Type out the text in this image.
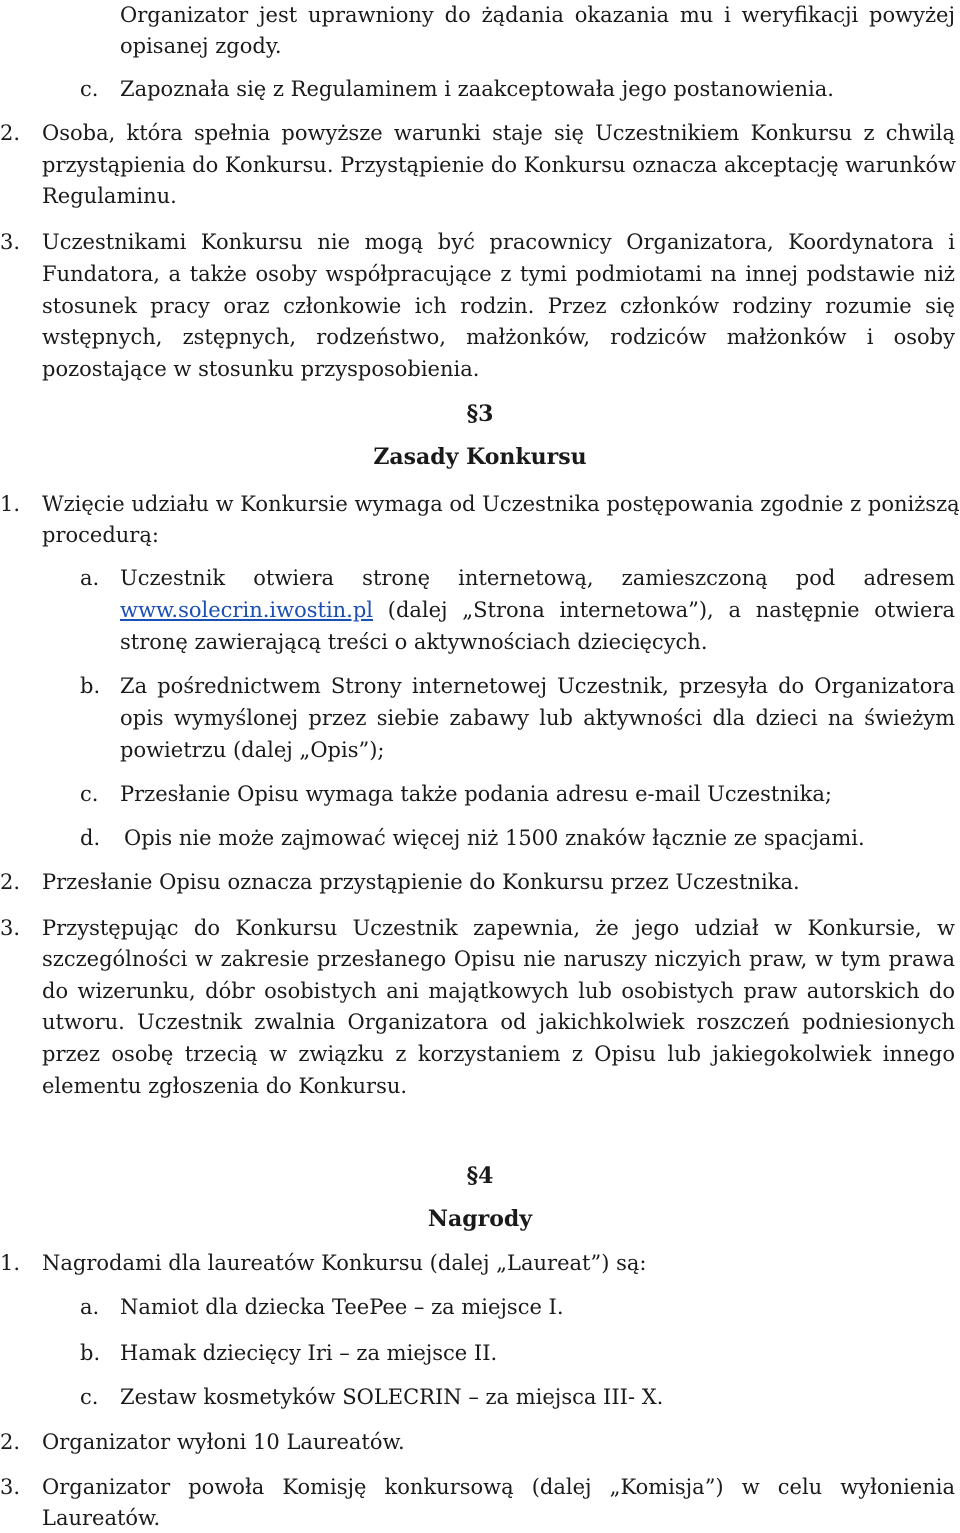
Organizator jest uprawniony do żądania okazania mu i weryfikacji powyżej
opisanej zgody.
c. Zapoznała się z Regulaminem i zaakceptowała jego postanowienia.
2. Osoba, która spełnia powyższe warunki staje się Uczestnikiem Konkursu z chwilą
przystąpienia do Konkursu. Przystąpienie do Konkursu oznacza akceptację warunków
Regulaminu.
3. Uczestnikami Konkursu nie mogą być pracownicy Organizatora, Koordynatora i
Fundatora, a także osoby współpracujące z tymi podmiotami na innej podstawie niż
stosunek pracy oraz członkowie ich rodzin. Przez członków rodziny rozumie się
wstępnych, zstępnych, rodzeństwo, małżonków, rodziców małżonków i osoby
pozostające w stosunku przysposobienia.
§3
Zasady Konkursu
1. Wzięcie udziału w Konkursie wymaga od Uczestnika postępowania zgodnie z poniższą
procedurą:
a. Uczestnik otwiera stronę internetową, zamieszczoną pod adresem
www.solecrin.iwostin.pl (dalej „Strona internetowa”), a następnie otwiera
stronę zawierającą treści o aktywnościach dziecięcych.
b. Za pośrednictwem Strony internetowej Uczestnik, przesyła do Organizatora
opis wymyślonej przez siebie zabawy lub aktywności dla dzieci na świeżym
powietrzu (dalej „Opis”);
c. Przesłanie Opisu wymaga także podania adresu e-mail Uczestnika;
d. Opis nie może zajmować więcej niż 1500 znaków łącznie ze spacjami.
2. Przesłanie Opisu oznacza przystąpienie do Konkursu przez Uczestnika.
3. Przystępując do Konkursu Uczestnik zapewnia, że jego udział w Konkursie, w
szczególności w zakresie przesłanego Opisu nie naruszy niczyich praw, w tym prawa
do wizerunku, dóbr osobistych ani majątkowych lub osobistych praw autorskich do
utworu. Uczestnik zwalnia Organizatora od jakichkolwiek roszczeń podniesionych
przez osobę trzecią w związku z korzystaniem z Opisu lub jakiegokolwiek innego
elementu zgłoszenia do Konkursu.
§4
Nagrody
1. Nagrodami dla laureatów Konkursu (dalej „Laureat”) są:
a. Namiot dla dziecka TeePee – za miejsce I.
b. Hamak dziecięcy Iri – za miejsce II.
c. Zestaw kosmetyków SOLECRIN – za miejsca III- X.
2. Organizator wyłoni 10 Laureatów.
3. Organizator powoła Komisję konkursową (dalej „Komisja”) w celu wyłonienia
Laureatów.
